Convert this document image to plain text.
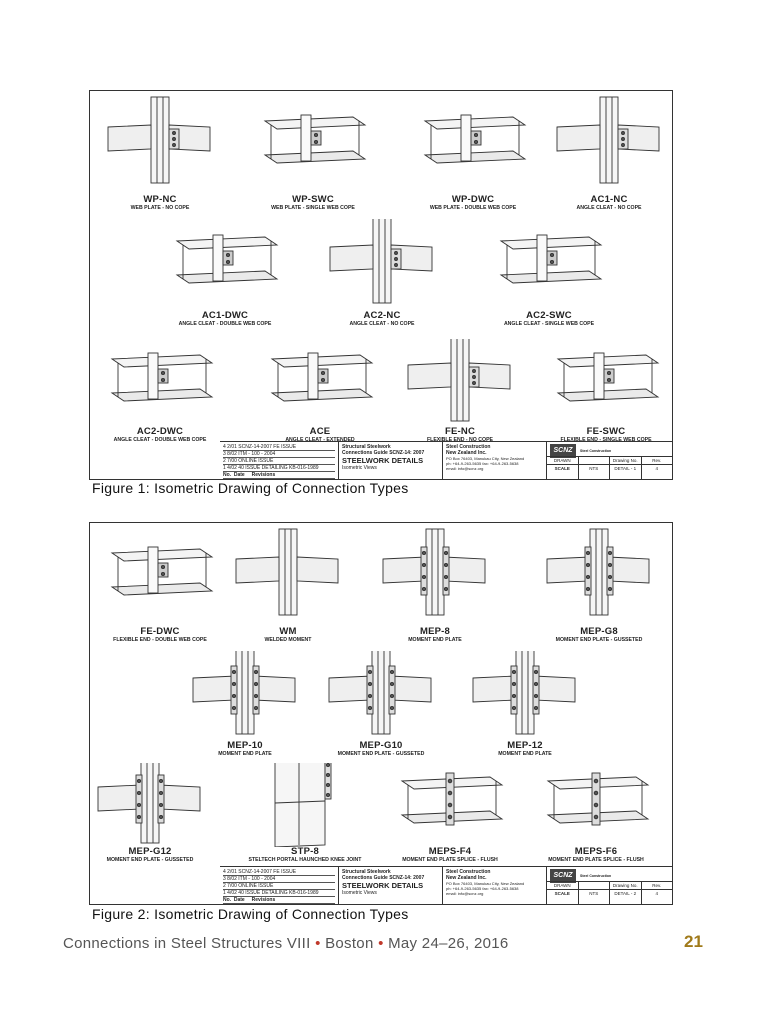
WP-NC
WEB PLATE - NO COPE
WP-SWC
WEB PLATE - SINGLE WEB COPE
WP-DWC
WEB PLATE - DOUBLE WEB COPE
AC1-NC
ANGLE CLEAT - NO COPE
AC1-DWC
ANGLE CLEAT - DOUBLE WEB COPE
AC2-NC
ANGLE CLEAT - NO COPE
AC2-SWC
ANGLE CLEAT - SINGLE WEB COPE
AC2-DWC
ANGLE CLEAT - DOUBLE WEB COPE
ACE
ANGLE CLEAT - EXTENDED
FE-NC
FLEXIBLE END - NO COPE
FE-SWC
FLEXIBLE END - SINGLE WEB COPE
4 2/01 SCNZ-14-2007 FE ISSUE
3 8/02 ITM - 100 - 2004
2 7/00 ONLINE ISSUE
1 4/02 40 ISSUE DETAILING KB-016-1989
No. Date Revisions
Structural Steelwork
Connections Guide SCNZ-14: 2007
STEELWORK DETAILS
Isometric Views
Steel Construction
New Zealand Inc.
PO Box 76403, Manukau City, New Zealand
ph: +64-9-263-5635 fax: +64-9-263-5638
email: info@scnz.org
SCNZ	Steel Construction
DRAWN	Drawing No.	Rev.
SCALE	NTS	DETAIL - 1	4
Figure 1: Isometric Drawing of Connection Types
FE-DWC
FLEXIBLE END - DOUBLE WEB COPE
WM
WELDED MOMENT
MEP-8
MOMENT END PLATE
MEP-G8
MOMENT END PLATE - GUSSETED
MEP-10
MOMENT END PLATE
MEP-G10
MOMENT END PLATE - GUSSETED
MEP-12
MOMENT END PLATE
MEP-G12
MOMENT END PLATE - GUSSETED
STP-8
STELTECH PORTAL HAUNCHED KNEE JOINT
MEPS-F4
MOMENT END PLATE SPLICE - FLUSH
MEPS-F6
MOMENT END PLATE SPLICE - FLUSH
4 2/01 SCNZ-14-2007 FE ISSUE
3 8/02 ITM - 100 - 2004
2 7/00 ONLINE ISSUE
1 4/02 40 ISSUE DETAILING KB-016-1989
No. Date Revisions
Structural Steelwork
Connections Guide SCNZ-14: 2007
STEELWORK DETAILS
Isometric Views
Steel Construction
New Zealand Inc.
PO Box 76403, Manukau City, New Zealand
ph: +64-9-263-5635 fax: +64-9-263-5638
email: info@scnz.org
SCNZ	Steel Construction
DRAWN	Drawing No.	Rev.
SCALE	NTS	DETAIL - 2	4
Figure 2: Isometric Drawing of Connection Types
Connections in Steel Structures VIII • Boston • May 24–26, 2016	21
